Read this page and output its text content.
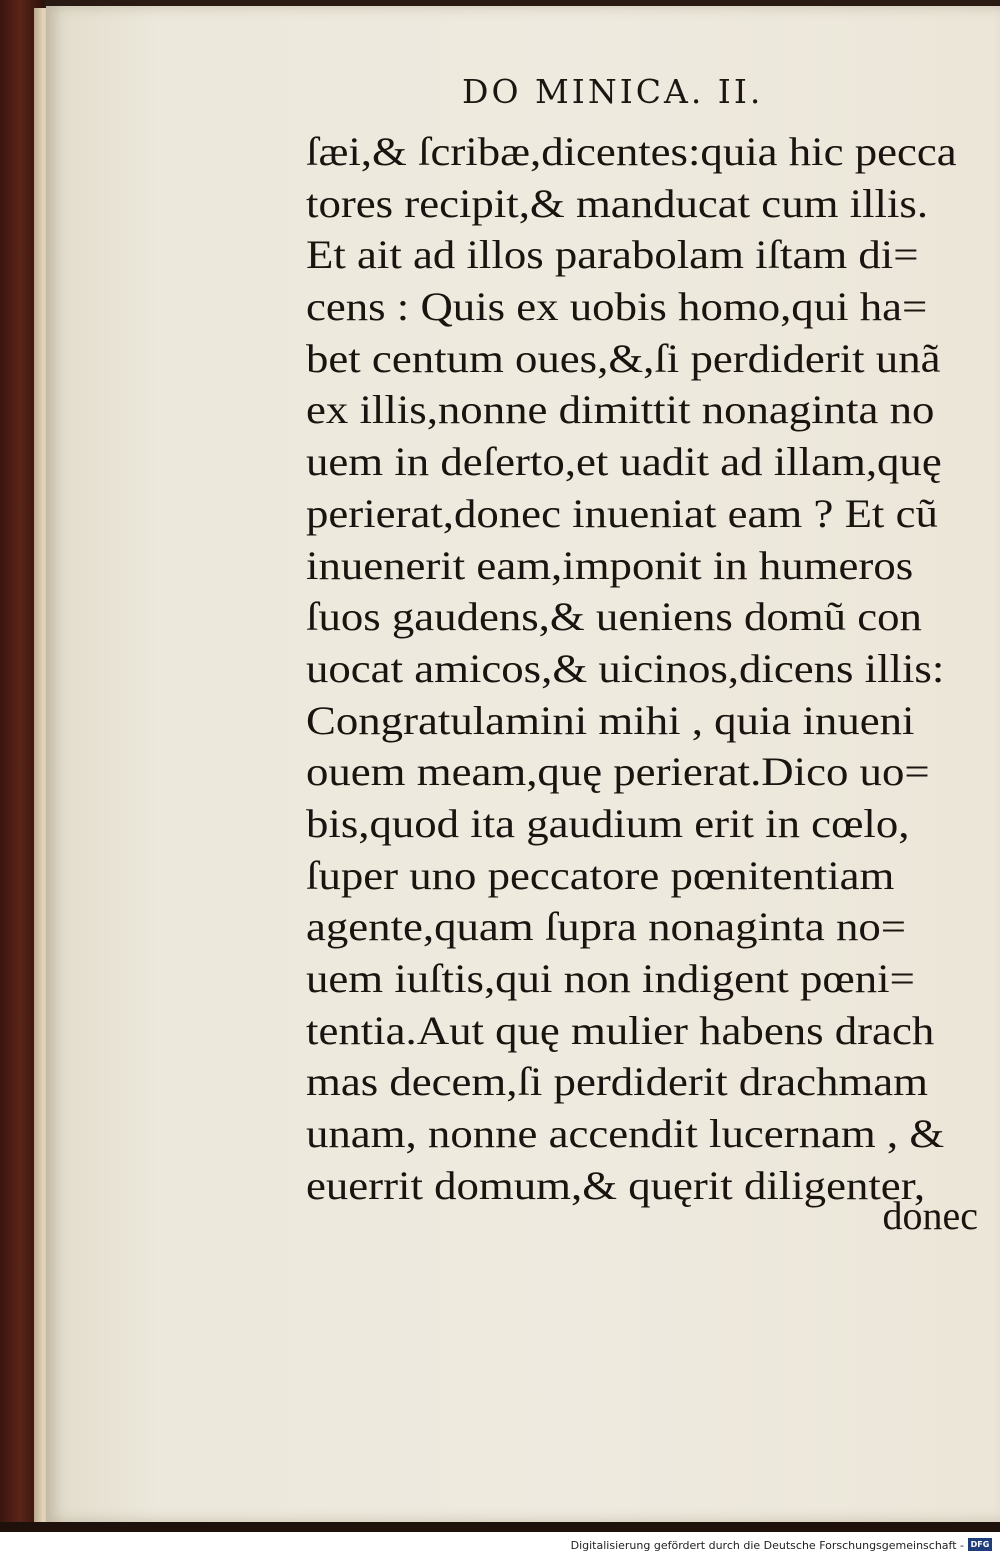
DO MINICA. II.
ſæi,& ſcribæ,dicentes:quia hic pecca
tores recipit,& manducat cum illis.
Et ait ad illos parabolam iſtam di=
cens : Quis ex uobis homo,qui ha=
bet centum oues,&,ſi perdiderit unã
ex illis,nonne dimittit nonaginta no
uem in deſerto,et uadit ad illam,quę
perierat,donec inueniat eam ? Et cũ
inuenerit eam,imponit in humeros
ſuos gaudens,& ueniens domũ con
uocat amicos,& uicinos,dicens illis:
Congratulamini mihi , quia inueni
ouem meam,quę perierat.Dico uo=
bis,quod ita gaudium erit in cœlo,
ſuper uno peccatore pœnitentiam
agente,quam ſupra nonaginta no=
uem iuſtis,qui non indigent pœni=
tentia.Aut quę mulier habens drach
mas decem,ſi perdiderit drachmam
unam, nonne accendit lucernam , &
euerrit domum,& quęrit diligenter,
donec
Digitalisierung gefördert durch die Deutsche Forschungsgemeinschaft - DFG
